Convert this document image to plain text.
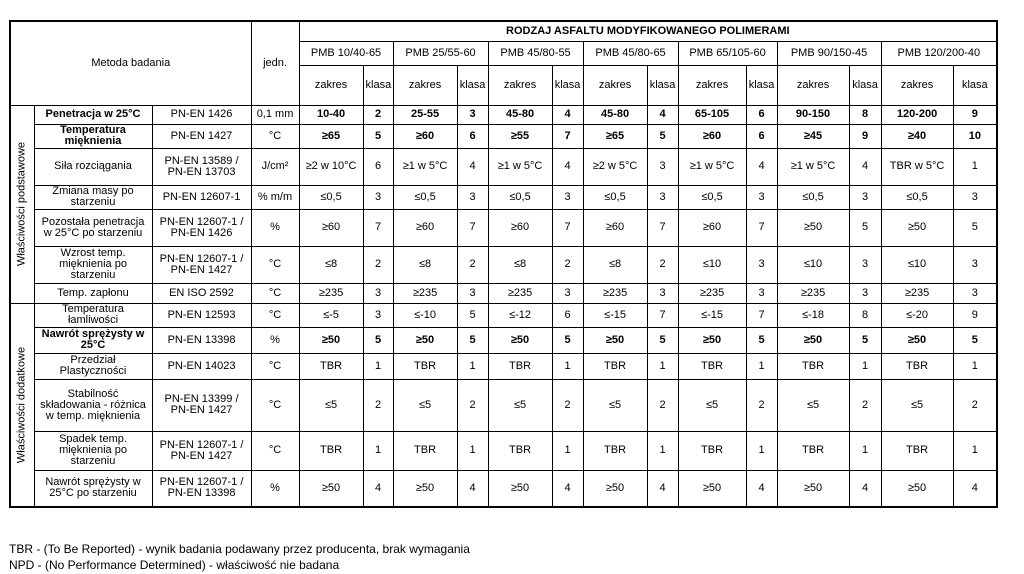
Metoda badania			jedn.	RODZAJ ASFALTU MODYFIKOWANEGO POLIMERAMI													
				PMB 10/40-65		PMB 25/55-60		PMB 45/80-55		PMB 45/80-65		PMB 65/105-60		PMB 90/150-45		PMB 120/200-40	
				zakres	klasa	zakres	klasa	zakres	klasa	zakres	klasa	zakres	klasa	zakres	klasa	zakres	klasa

Właściwości podstawowe	Penetracja w 25°C	PN-EN 1426	0,1 mm	10-40	2	25-55	3	45-80	4	45-80	4	65-105	6	90-150	8	120-200	9
	Temperatura mięknienia	PN-EN 1427	°C	≥65	5	≥60	6	≥55	7	≥65	5	≥60	6	≥45	9	≥40	10
	Siła rozciągania	PN-EN 13589 / PN-EN 13703	J/cm²	≥2 w 10°C	6	≥1 w 5°C	4	≥1 w 5°C	4	≥2 w 5°C	3	≥1 w 5°C	4	≥1 w 5°C	4	TBR w 5°C	1
	Zmiana masy po starzeniu	PN-EN 12607-1	% m/m	≤0,5	3	≤0,5	3	≤0,5	3	≤0,5	3	≤0,5	3	≤0,5	3	≤0,5	3
	Pozostała penetracja w 25°C po starzeniu	PN-EN 12607-1 / PN-EN 1426	%	≥60	7	≥60	7	≥60	7	≥60	7	≥60	7	≥50	5	≥50	5
	Wzrost temp. mięknienia po starzeniu	PN-EN 12607-1 / PN-EN 1427	°C	≤8	2	≤8	2	≤8	2	≤8	2	≤10	3	≤10	3	≤10	3
	Temp. zapłonu	EN ISO 2592	°C	≥235	3	≥235	3	≥235	3	≥235	3	≥235	3	≥235	3	≥235	3

Właściwości dodatkowe	Temperatura łamliwości	PN-EN 12593	°C	≤-5	3	≤-10	5	≤-12	6	≤-15	7	≤-15	7	≤-18	8	≤-20	9
	Nawrót sprężysty w 25°C	PN-EN 13398	%	≥50	5	≥50	5	≥50	5	≥50	5	≥50	5	≥50	5	≥50	5
	Przedział Plastyczności	PN-EN 14023	°C	TBR	1	TBR	1	TBR	1	TBR	1	TBR	1	TBR	1	TBR	1
	Stabilność składowania - różnica w temp. mięknienia	PN-EN 13399 / PN-EN 1427	°C	≤5	2	≤5	2	≤5	2	≤5	2	≤5	2	≤5	2	≤5	2
	Spadek temp. mięknienia po starzeniu	PN-EN 12607-1 / PN-EN 1427	°C	TBR	1	TBR	1	TBR	1	TBR	1	TBR	1	TBR	1	TBR	1
	Nawrót sprężysty w 25°C po starzeniu	PN-EN 12607-1 / PN-EN 13398	%	≥50	4	≥50	4	≥50	4	≥50	4	≥50	4	≥50	4	≥50	4
TBR - (To Be Reported) - wynik badania podawany przez producenta, brak wymagania
NPD - (No Performance Determined) - właściwość nie badana
